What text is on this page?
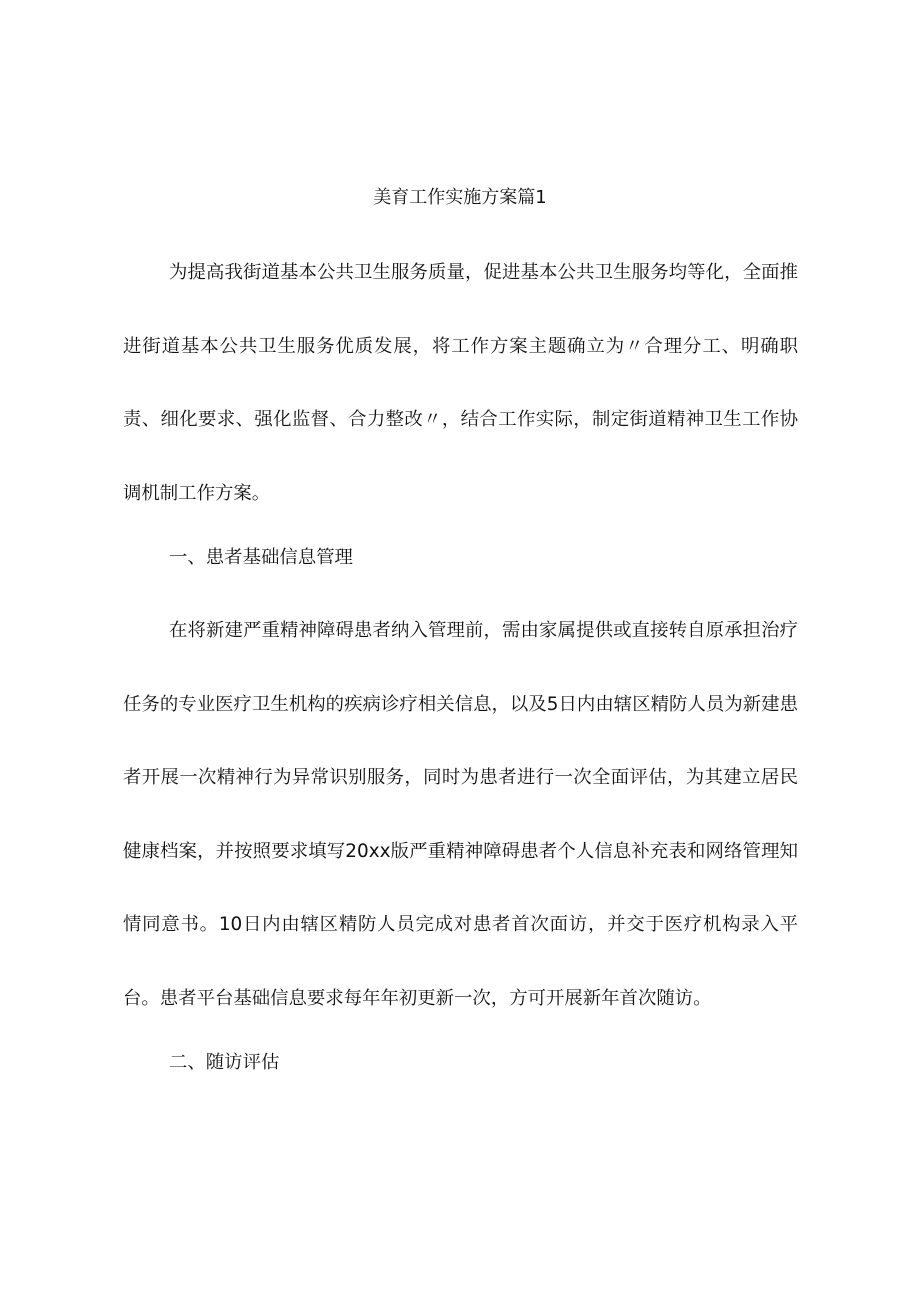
美育工作实施方案篇1

为提高我街道基本公共卫生服务质量，促进基本公共卫生服务均等化，全面推进街道基本公共卫生服务优质发展，将工作方案主题确立为〃合理分工、明确职责、细化要求、强化监督、合力整改〃，结合工作实际，制定街道精神卫生工作协调机制工作方案。

一、患者基础信息管理

在将新建严重精神障碍患者纳入管理前，需由家属提供或直接转自原承担治疗任务的专业医疗卫生机构的疾病诊疗相关信息，以及5日内由辖区精防人员为新建患者开展一次精神行为异常识别服务，同时为患者进行一次全面评估，为其建立居民健康档案，并按照要求填写20xx版严重精神障碍患者个人信息补充表和网络管理知情同意书。10日内由辖区精防人员完成对患者首次面访，并交于医疗机构录入平台。患者平台基础信息要求每年年初更新一次，方可开展新年首次随访。

二、随访评估
